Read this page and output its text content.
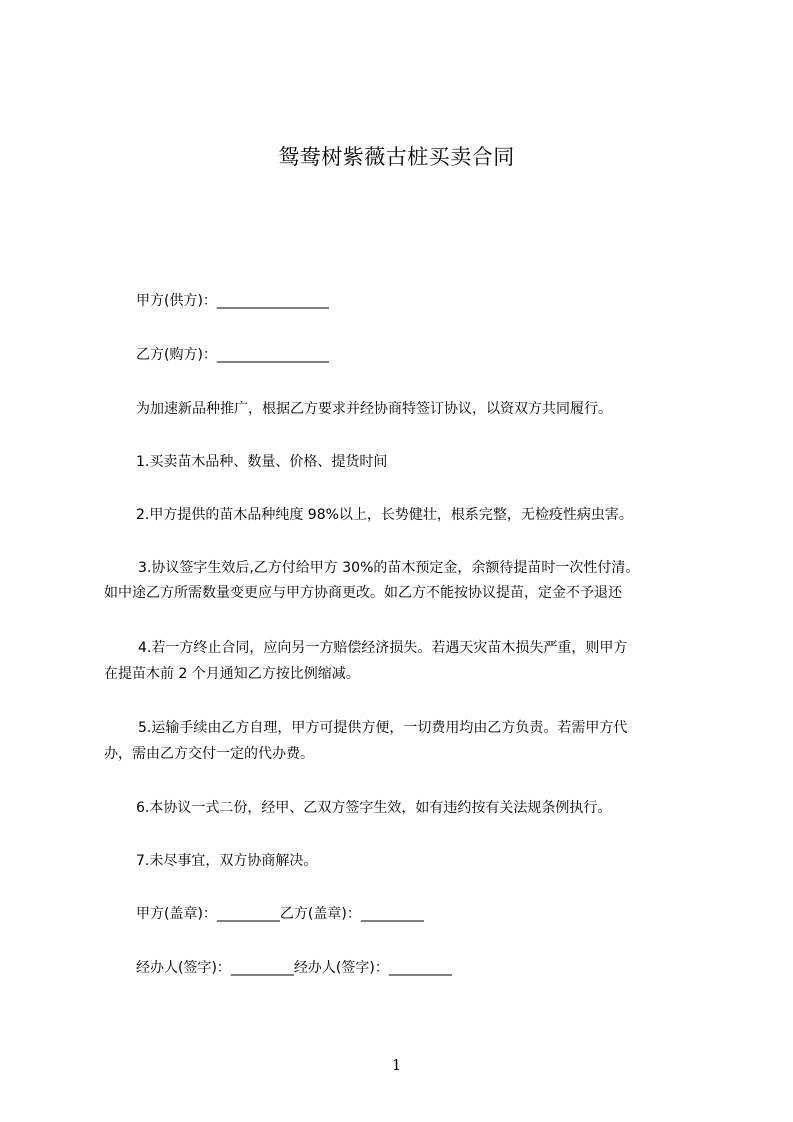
鸳鸯树紫薇古桩买卖合同
甲方(供方)：________________
乙方(购方)：________________
为加速新品种推广，根据乙方要求并经协商特签订协议，以资双方共同履行。
1.买卖苗木品种、数量、价格、提货时间
2.甲方提供的苗木品种纯度 98%以上，长势健壮，根系完整，无检疫性病虫害。
3.协议签字生效后,乙方付给甲方 30%的苗木预定金，余额待提苗时一次性付清。
如中途乙方所需数量变更应与甲方协商更改。如乙方不能按协议提苗，定金不予退还
4.若一方终止合同，应向另一方赔偿经济损失。若遇天灾苗木损失严重，则甲方
在提苗木前 2 个月通知乙方按比例缩减。
5.运输手续由乙方自理，甲方可提供方便，一切费用均由乙方负责。若需甲方代
办，需由乙方交付一定的代办费。
6.本协议一式二份，经甲、乙双方签字生效，如有违约按有关法规条例执行。
7.未尽事宜，双方协商解决。
甲方(盖章)：_________乙方(盖章)：_________
经办人(签字)：_________经办人(签字)：_________
1
